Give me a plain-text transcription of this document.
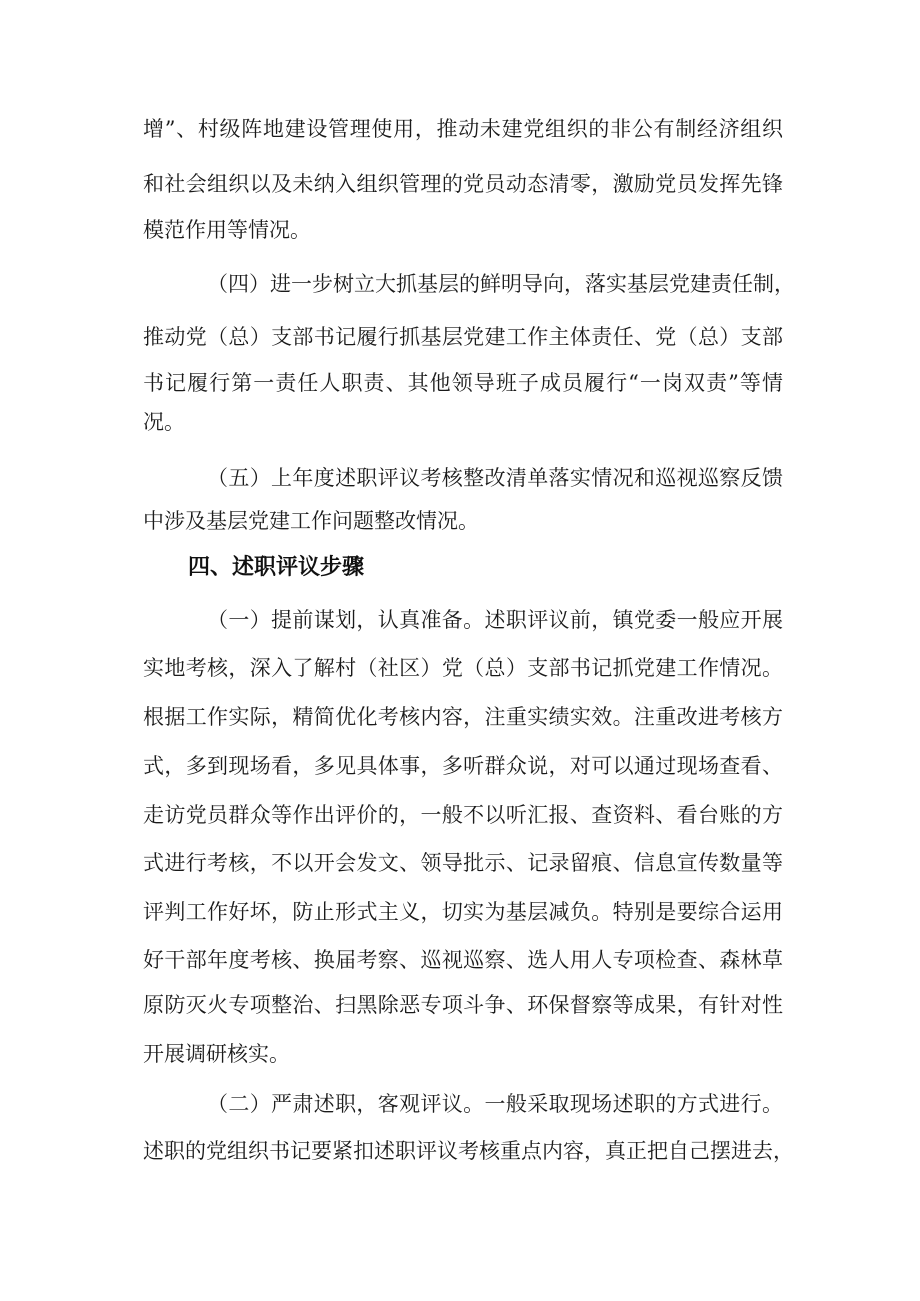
增”、村级阵地建设管理使用，推动未建党组织的非公有制经济组织
和社会组织以及未纳入组织管理的党员动态清零，激励党员发挥先锋
模范作用等情况。
（四）进一步树立大抓基层的鲜明导向，落实基层党建责任制，
推动党（总）支部书记履行抓基层党建工作主体责任、党（总）支部
书记履行第一责任人职责、其他领导班子成员履行“一岗双责”等情
况。
（五）上年度述职评议考核整改清单落实情况和巡视巡察反馈
中涉及基层党建工作问题整改情况。
四、述职评议步骤
（一）提前谋划，认真准备。述职评议前，镇党委一般应开展
实地考核，深入了解村（社区）党（总）支部书记抓党建工作情况。
根据工作实际，精简优化考核内容，注重实绩实效。注重改进考核方
式，多到现场看，多见具体事，多听群众说，对可以通过现场查看、
走访党员群众等作出评价的，一般不以听汇报、查资料、看台账的方
式进行考核，不以开会发文、领导批示、记录留痕、信息宣传数量等
评判工作好坏，防止形式主义，切实为基层减负。特别是要综合运用
好干部年度考核、换届考察、巡视巡察、选人用人专项检查、森林草
原防灭火专项整治、扫黑除恶专项斗争、环保督察等成果，有针对性
开展调研核实。
（二）严肃述职，客观评议。一般采取现场述职的方式进行。
述职的党组织书记要紧扣述职评议考核重点内容，真正把自己摆进去，
